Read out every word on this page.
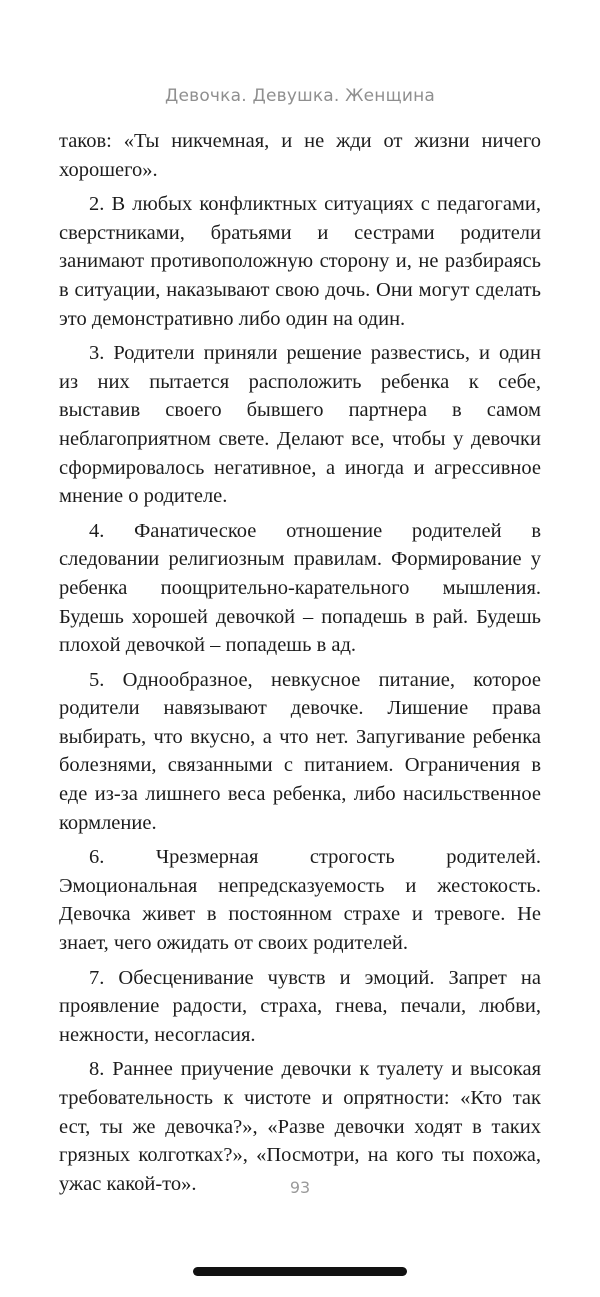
Девочка. Девушка. Женщина

таков: «Ты никчемная, и не жди от жизни ничего хорошего».

2. В любых конфликтных ситуациях с педагогами, сверстниками, братьями и сестрами родители занимают противоположную сторону и, не разбираясь в ситуации, наказывают свою дочь. Они могут сделать это демонстративно либо один на один.

3. Родители приняли решение развестись, и один из них пытается расположить ребенка к себе, выставив своего бывшего партнера в самом неблагоприятном свете. Делают все, чтобы у девочки сформировалось негативное, а иногда и агрессивное мнение о родителе.

4. Фанатическое отношение родителей в следовании религиозным правилам. Формирование у ребенка поощрительно-карательного мышления. Будешь хорошей девочкой – попадешь в рай. Будешь плохой девочкой – попадешь в ад.

5. Однообразное, невкусное питание, которое родители навязывают девочке. Лишение права выбирать, что вкусно, а что нет. Запугивание ребенка болезнями, связанными с питанием. Ограничения в еде из-за лишнего веса ребенка, либо насильственное кормление.

6. Чрезмерная строгость родителей. Эмоциональная непредсказуемость и жестокость. Девочка живет в постоянном страхе и тревоге. Не знает, чего ожидать от своих родителей.

7. Обесценивание чувств и эмоций. Запрет на проявление радости, страха, гнева, печали, любви, нежности, несогласия.

8. Раннее приучение девочки к туалету и высокая требовательность к чистоте и опрятности: «Кто так ест, ты же девочка?», «Разве девочки ходят в таких грязных колготках?», «Посмотри, на кого ты похожа, ужас какой-то».	93
